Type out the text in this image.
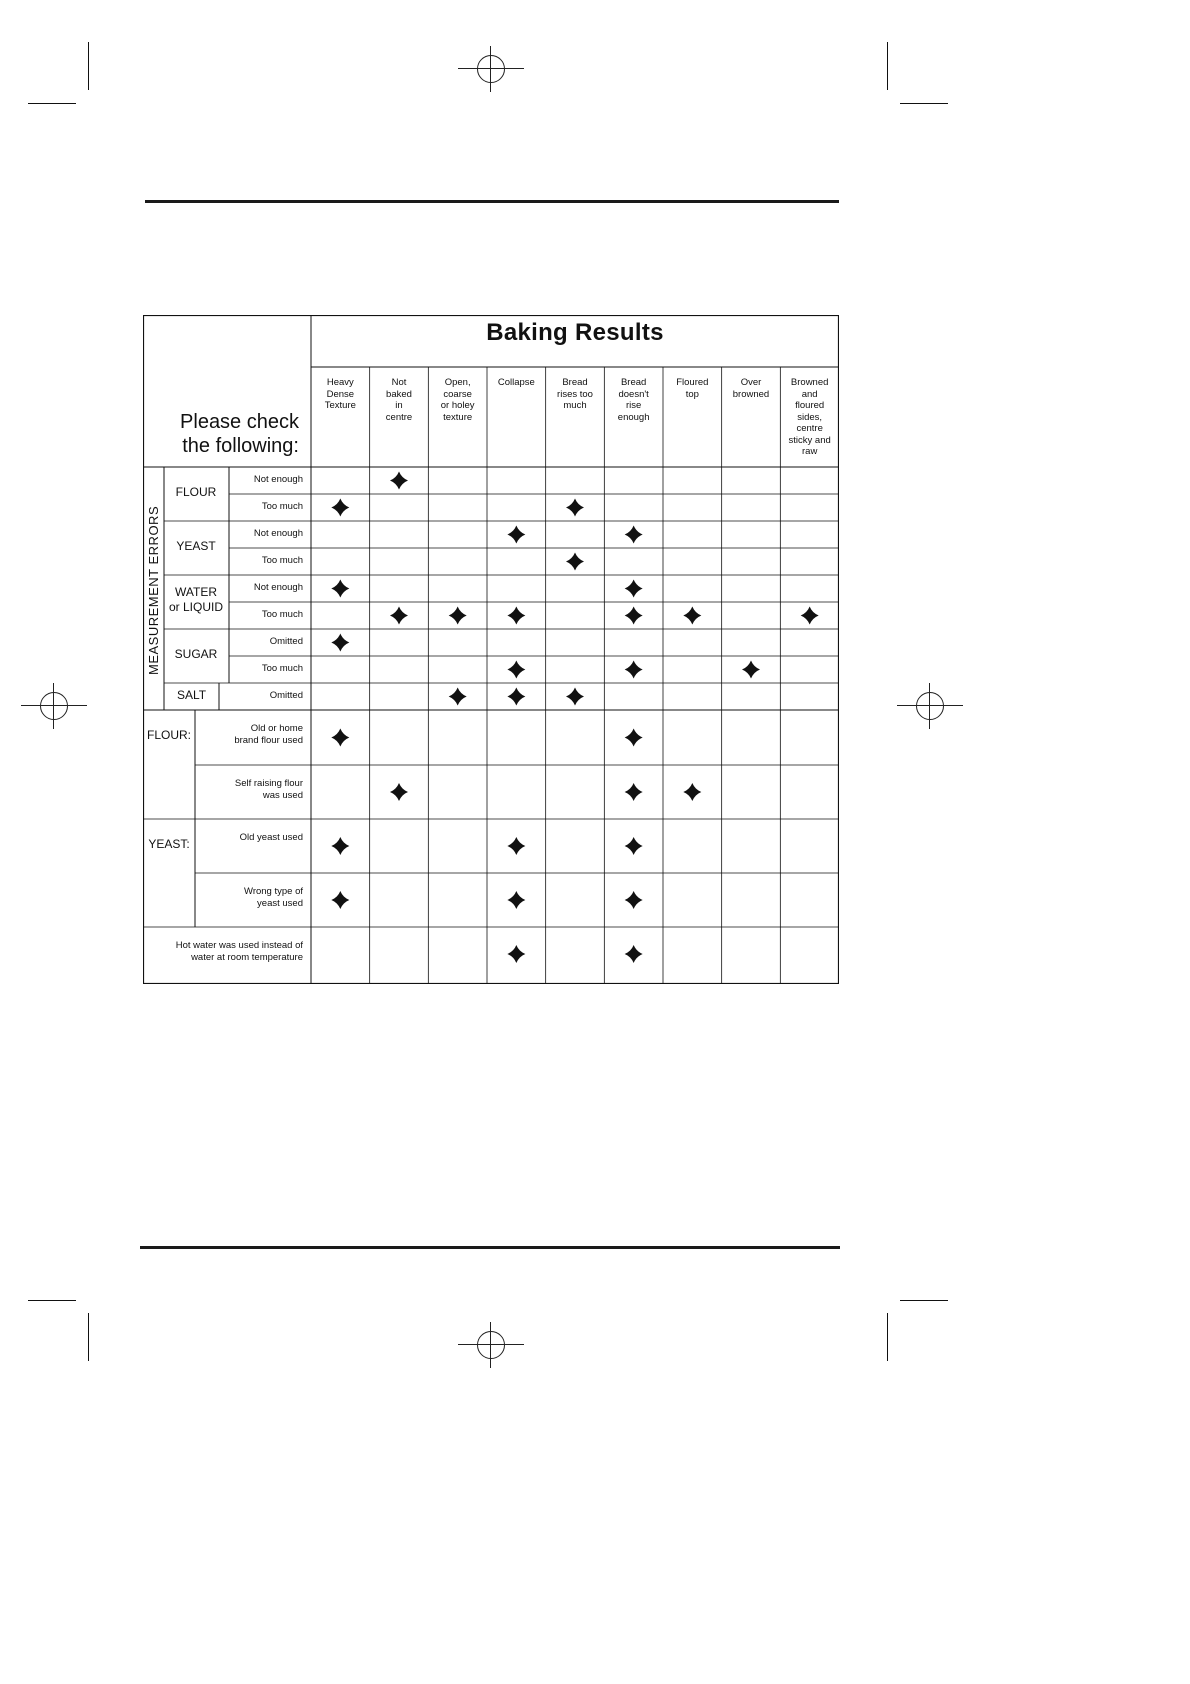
Baking Results
Please check
the following:
Heavy
Dense
Texture
Not
baked
in
centre
Open,
coarse
or holey
texture
Collapse	Bread
rises too
much
Bread
doesn't
rise
enough
Floured
top
Over
browned
Browned
and
floured
sides,
centre
sticky and
raw
MEASUREMENT ERRORS
FLOUR
YEAST
WATER
or LIQUID
SUGAR
SALT
FLOUR:
YEAST:
Not enough
Too much
Not enough
Too much
Not enough
Too much
Omitted
Too much
Omitted
Old or home
brand flour used
Self raising flour
was used
Old yeast used
Wrong type of
yeast used
Hot water was used instead of
water at room temperature
